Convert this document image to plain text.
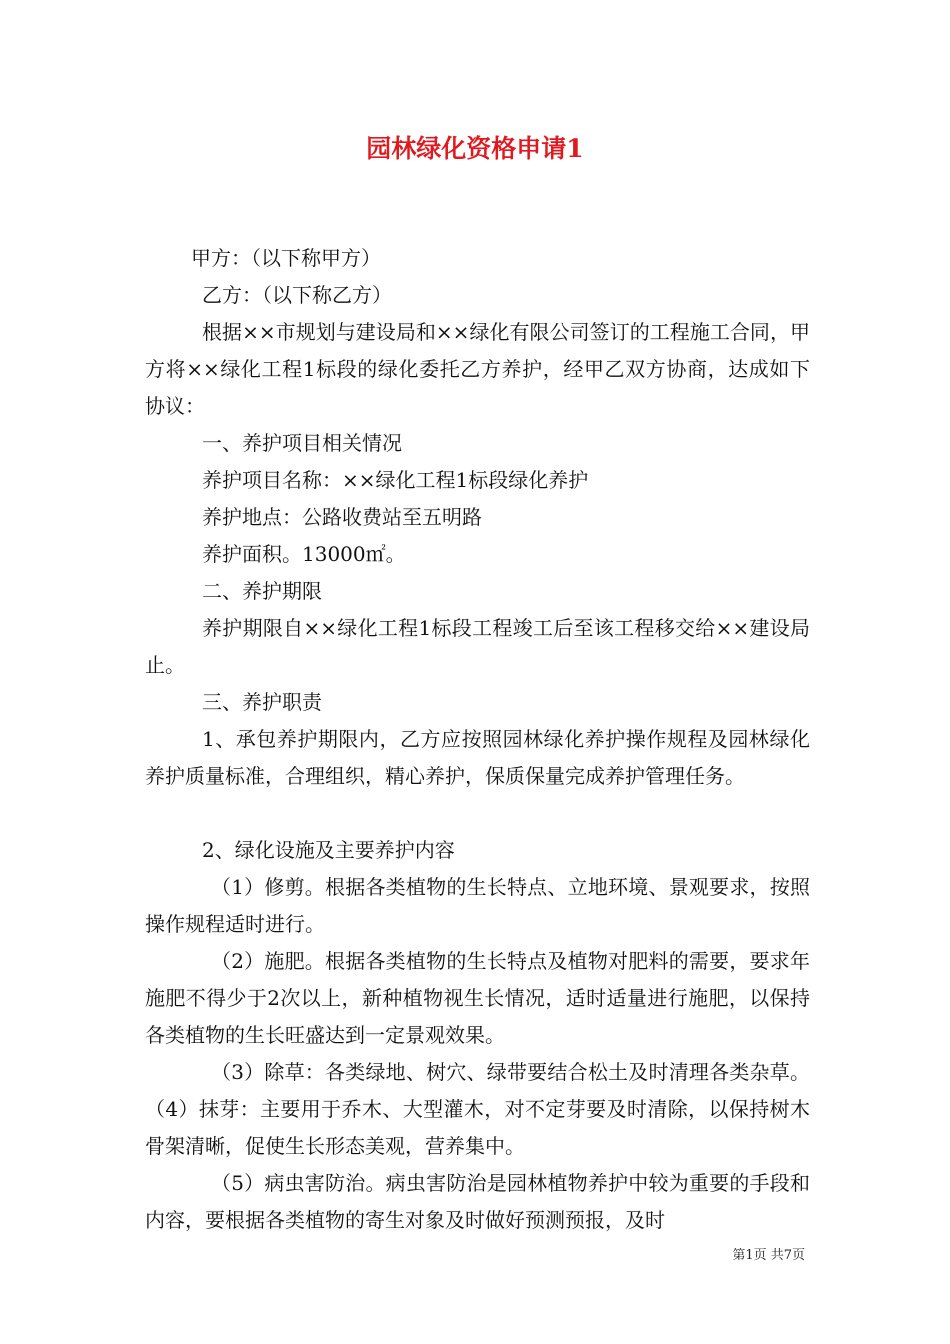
园林绿化资格申请1

甲方：（以下称甲方）

乙方：（以下称乙方）

根据××市规划与建设局和××绿化有限公司签订的工程施工合同，甲方将××绿化工程1标段的绿化委托乙方养护，经甲乙双方协商，达成如下协议：

一、养护项目相关情况

养护项目名称：××绿化工程1标段绿化养护

养护地点：公路收费站至五明路

养护面积。13000㎡。

二、养护期限

养护期限自××绿化工程1标段工程竣工后至该工程移交给××建设局止。

三、养护职责

1、承包养护期限内，乙方应按照园林绿化养护操作规程及园林绿化养护质量标准，合理组织，精心养护，保质保量完成养护管理任务。

2、绿化设施及主要养护内容

（1）修剪。根据各类植物的生长特点、立地环境、景观要求，按照操作规程适时进行。

（2）施肥。根据各类植物的生长特点及植物对肥料的需要，要求年施肥不得少于2次以上，新种植物视生长情况，适时适量进行施肥，以保持各类植物的生长旺盛达到一定景观效果。

（3）除草：各类绿地、树穴、绿带要结合松土及时清理各类杂草。（4）抹芽：主要用于乔木、大型灌木，对不定芽要及时清除，以保持树木骨架清晰，促使生长形态美观，营养集中。

（5）病虫害防治。病虫害防治是园林植物养护中较为重要的手段和内容，要根据各类植物的寄生对象及时做好预测预报，及时

第1页 共7页
